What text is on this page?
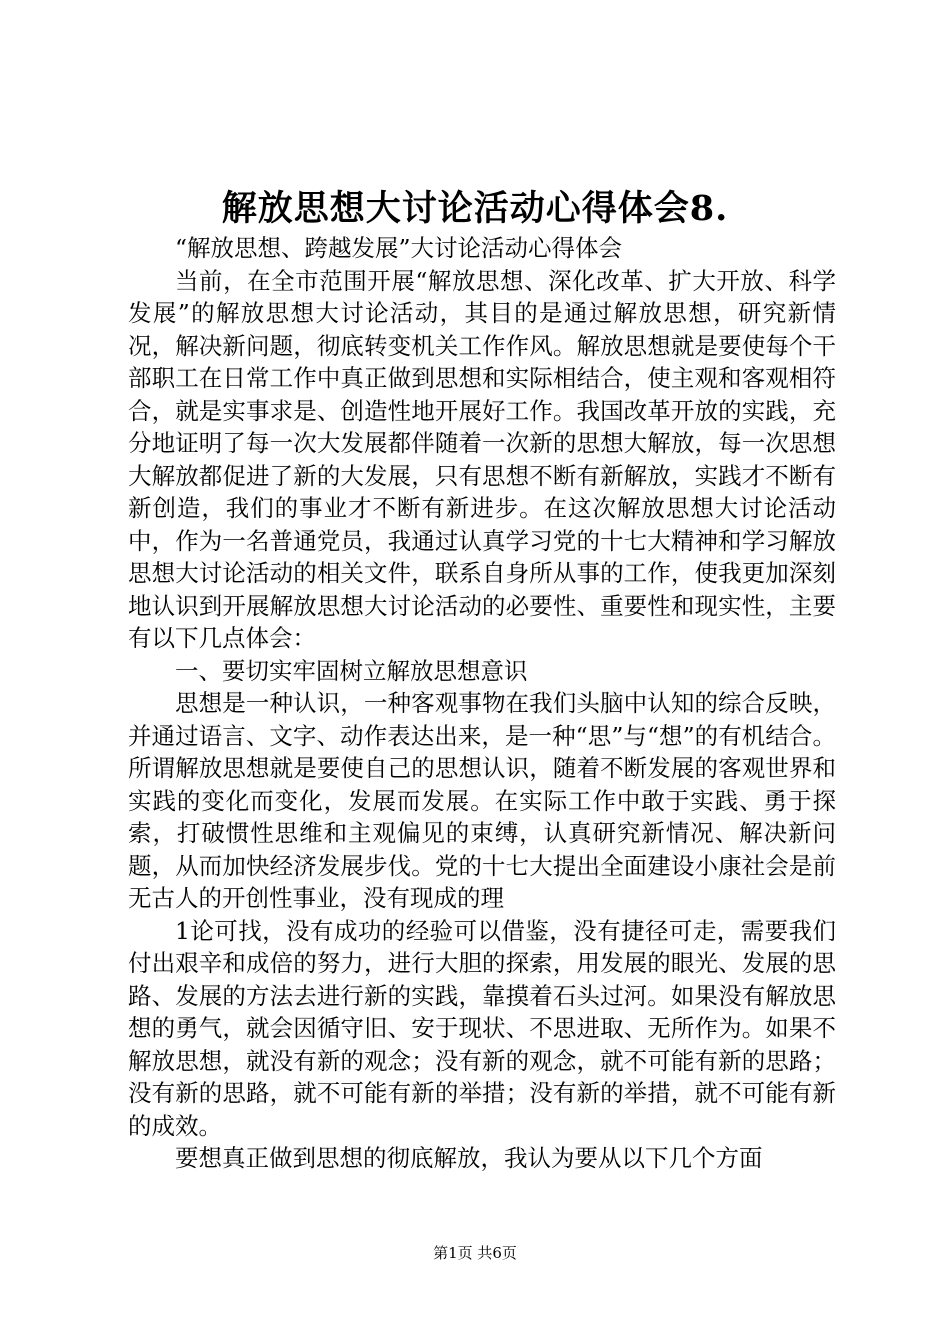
解放思想大讨论活动心得体会8.

“解放思想、跨越发展”大讨论活动心得体会

当前，在全市范围开展“解放思想、深化改革、扩大开放、科学发展”的解放思想大讨论活动，其目的是通过解放思想，研究新情况，解决新问题，彻底转变机关工作作风。解放思想就是要使每个干部职工在日常工作中真正做到思想和实际相结合，使主观和客观相符合，就是实事求是、创造性地开展好工作。我国改革开放的实践，充分地证明了每一次大发展都伴随着一次新的思想大解放，每一次思想大解放都促进了新的大发展，只有思想不断有新解放，实践才不断有新创造，我们的事业才不断有新进步。在这次解放思想大讨论活动中，作为一名普通党员，我通过认真学习党的十七大精神和学习解放思想大讨论活动的相关文件，联系自身所从事的工作，使我更加深刻地认识到开展解放思想大讨论活动的必要性、重要性和现实性，主要有以下几点体会：

一、要切实牢固树立解放思想意识

思想是一种认识，一种客观事物在我们头脑中认知的综合反映，并通过语言、文字、动作表达出来，是一种“思”与“想”的有机结合。所谓解放思想就是要使自己的思想认识，随着不断发展的客观世界和实践的变化而变化，发展而发展。在实际工作中敢于实践、勇于探索，打破惯性思维和主观偏见的束缚，认真研究新情况、解决新问题，从而加快经济发展步伐。党的十七大提出全面建设小康社会是前无古人的开创性事业，没有现成的理

1论可找，没有成功的经验可以借鉴，没有捷径可走，需要我们付出艰辛和成倍的努力，进行大胆的探索，用发展的眼光、发展的思路、发展的方法去进行新的实践，靠摸着石头过河。如果没有解放思想的勇气，就会因循守旧、安于现状、不思进取、无所作为。如果不解放思想，就没有新的观念；没有新的观念，就不可能有新的思路；没有新的思路，就不可能有新的举措；没有新的举措，就不可能有新的成效。

要想真正做到思想的彻底解放，我认为要从以下几个方面

第1页 共6页
